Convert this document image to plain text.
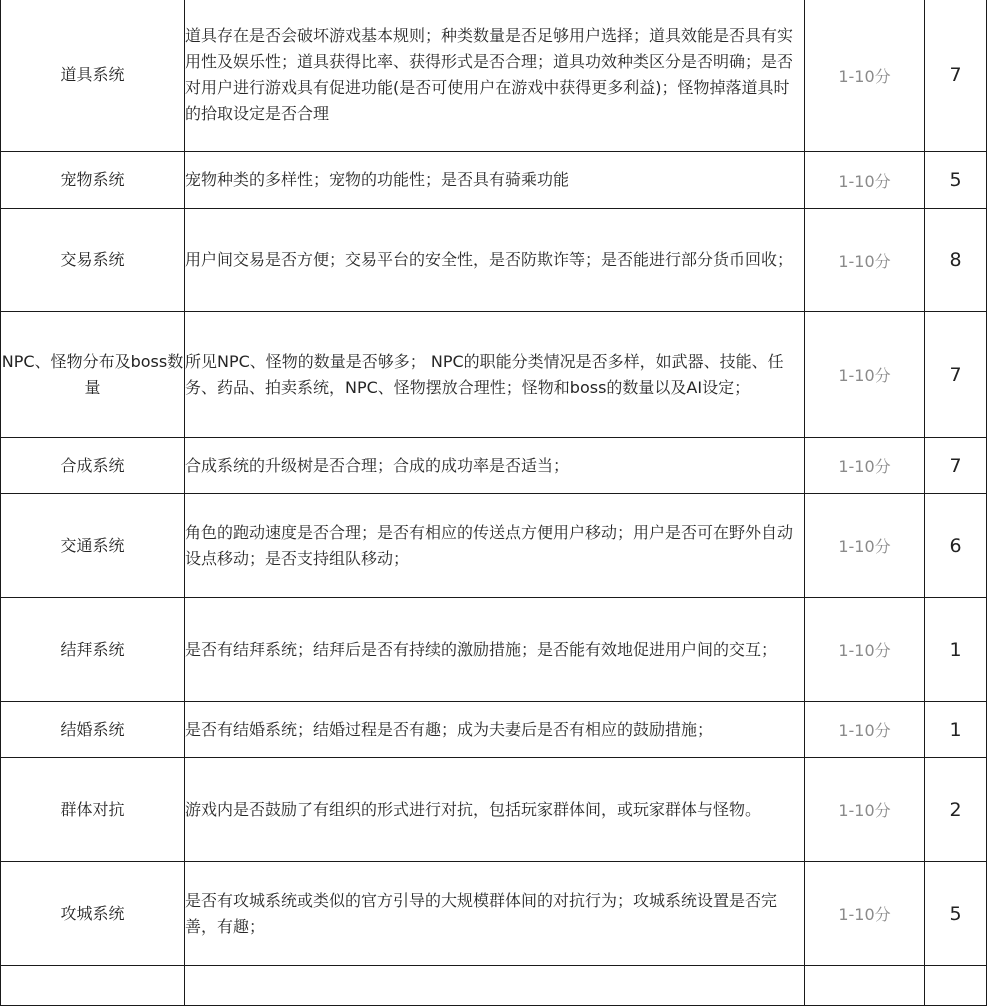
道具系统	道具存在是否会破坏游戏基本规则；种类数量是否足够用户选择；道具效能是否具有实用性及娱乐性；道具获得比率、获得形式是否合理；道具功效种类区分是否明确；是否对用户进行游戏具有促进功能(是否可使用户在游戏中获得更多利益)；怪物掉落道具时的拾取设定是否合理	1-10分	7
宠物系统	宠物种类的多样性；宠物的功能性；是否具有骑乘功能	1-10分	5
交易系统	用户间交易是否方便；交易平台的安全性，是否防欺诈等；是否能进行部分货币回收；	1-10分	8
NPC、怪物分布及boss数量	所见NPC、怪物的数量是否够多； NPC的职能分类情况是否多样，如武器、技能、任务、药品、拍卖系统，NPC、怪物摆放合理性；怪物和boss的数量以及AI设定；	1-10分	7
合成系统	合成系统的升级树是否合理；合成的成功率是否适当；	1-10分	7
交通系统	角色的跑动速度是否合理；是否有相应的传送点方便用户移动；用户是否可在野外自动设点移动；是否支持组队移动；	1-10分	6
结拜系统	是否有结拜系统；结拜后是否有持续的激励措施；是否能有效地促进用户间的交互；	1-10分	1
结婚系统	是否有结婚系统；结婚过程是否有趣；成为夫妻后是否有相应的鼓励措施；	1-10分	1
群体对抗	游戏内是否鼓励了有组织的形式进行对抗，包括玩家群体间，或玩家群体与怪物。	1-10分	2
攻城系统	是否有攻城系统或类似的官方引导的大规模群体间的对抗行为；攻城系统设置是否完善，有趣；	1-10分	5
